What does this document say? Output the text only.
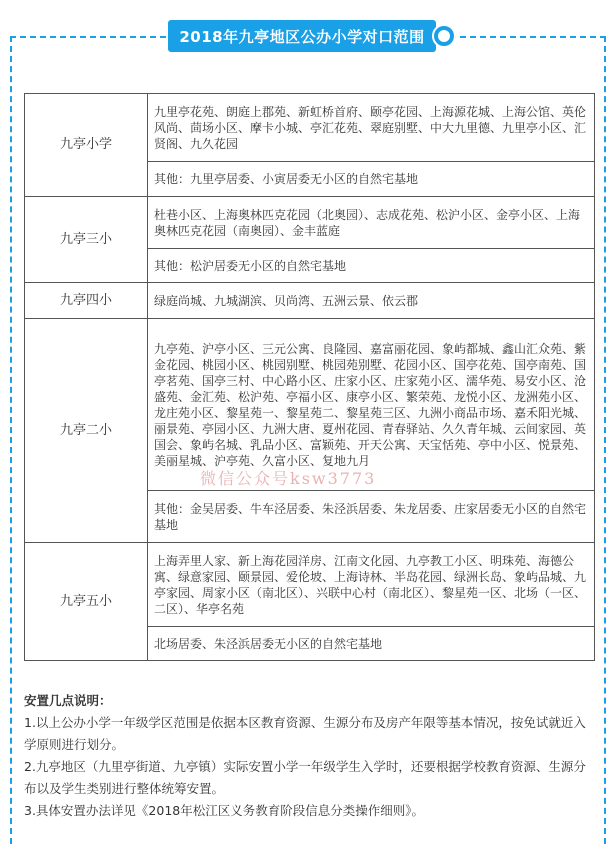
2018年九亭地区公办小学对口范围
九亭小学	九里亭花苑、朗庭上郡苑、新虹桥首府、颐亭花园、上海源花城、上海公馆、英伦风尚、茴场小区、摩卡小城、亭汇花苑、翠庭别墅、中大九里德、九里亭小区、汇贤阁、九久花园
	其他：九里亭居委、小寅居委无小区的自然宅基地
九亭三小	杜巷小区、上海奥林匹克花园（北奥园）、志成花苑、松沪小区、金亭小区、上海奥林匹克花园（南奥园）、金丰蓝庭
	其他：松沪居委无小区的自然宅基地
九亭四小	绿庭尚城、九城湖滨、贝尚湾、五洲云景、依云郡
九亭二小	九亭苑、沪亭小区、三元公寓、良隆园、嘉富丽花园、象屿都城、鑫山汇众苑、紫金花园、桃园小区、桃园别墅、桃园苑别墅、花园小区、国亭花苑、国亭南苑、国亭茗苑、国亭三村、中心路小区、庄家小区、庄家苑小区、濡华苑、易安小区、沧盛苑、金汇苑、松沪苑、亭福小区、康亭小区、繁荣苑、龙悦小区、龙洲苑小区、龙庄苑小区、黎星苑一、黎星苑二、黎星苑三区、九洲小商品市场、嘉禾阳光城、丽景苑、亭园小区、九洲大唐、夏州花园、青春驿站、久久青年城、云间家园、英国会、象屿名城、乳品小区、富颖苑、开天公寓、天宝恬苑、亭中小区、悦景苑、美丽星城、沪亭苑、久富小区、复地九月
	其他：金吴居委、牛车泾居委、朱泾浜居委、朱龙居委、庄家居委无小区的自然宅基地
九亭五小	上海弄里人家、新上海花园洋房、江南文化园、九亭教工小区、明珠苑、海德公寓、绿意家园、颐景园、爱伦坡、上海诗林、半岛花园、绿洲长岛、象屿品城、九亭家园、周家小区（南北区）、兴联中心村（南北区）、黎星苑一区、北场（一区、二区）、华亭名苑
	北场居委、朱泾浜居委无小区的自然宅基地
微信公众号ksw3773

安置几点说明：

1.以上公办小学一年级学区范围是依据本区教育资源、生源分布及房产年限等基本情况，按免试就近入学原则进行划分。

2.九亭地区（九里亭街道、九亭镇）实际安置小学一年级学生入学时，还要根据学校教育资源、生源分布以及学生类别进行整体统筹安置。

3.具体安置办法详见《2018年松江区义务教育阶段信息分类操作细则》。
